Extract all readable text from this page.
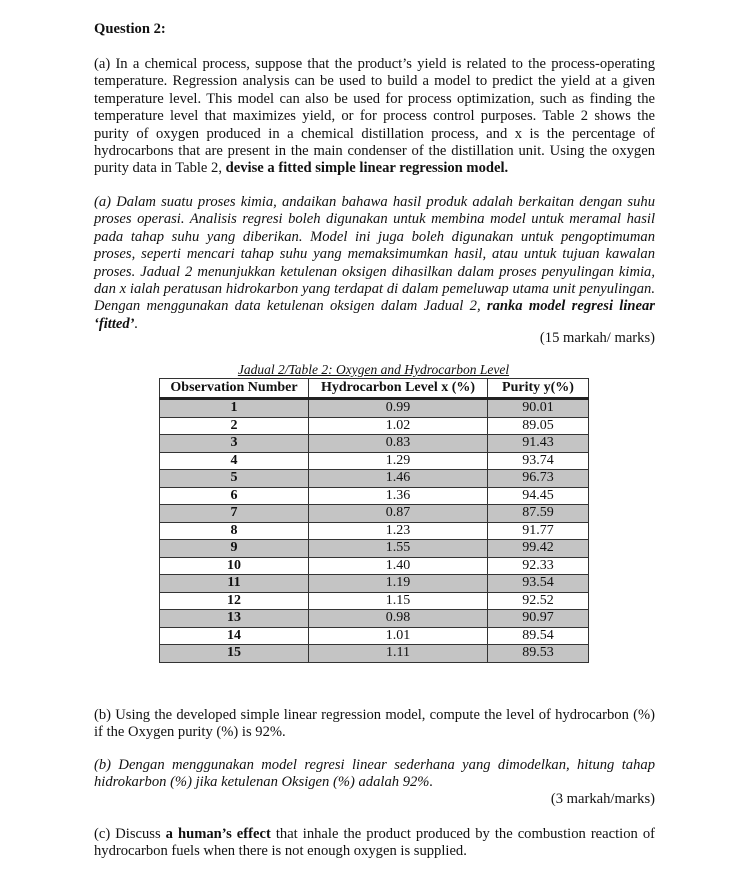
Question 2:
(a) In a chemical process, suppose that the product’s yield is related to the process-operating temperature. Regression analysis can be used to build a model to predict the yield at a given temperature level. This model can also be used for process optimization, such as finding the temperature level that maximizes yield, or for process control purposes. Table 2 shows the purity of oxygen produced in a chemical distillation process, and x is the percentage of hydrocarbons that are present in the main condenser of the distillation unit. Using the oxygen purity data in Table 2, devise a fitted simple linear regression model.
(a) Dalam suatu proses kimia, andaikan bahawa hasil produk adalah berkaitan dengan suhu proses operasi. Analisis regresi boleh digunakan untuk membina model untuk meramal hasil pada tahap suhu yang diberikan. Model ini juga boleh digunakan untuk pengoptimuman proses, seperti mencari tahap suhu yang memaksimumkan hasil, atau untuk tujuan kawalan proses. Jadual 2 menunjukkan ketulenan oksigen dihasilkan dalam proses penyulingan kimia, dan x ialah peratusan hidrokarbon yang terdapat di dalam pemeluwap utama unit penyulingan. Dengan menggunakan data ketulenan oksigen dalam Jadual 2, ranka model regresi linear ‘fitted’.
(15 markah/ marks)
Jadual 2/Table 2: Oxygen and Hydrocarbon Level
Observation Number	Hydrocarbon Level x (%)	Purity y(%)
1	0.99	90.01
2	1.02	89.05
3	0.83	91.43
4	1.29	93.74
5	1.46	96.73
6	1.36	94.45
7	0.87	87.59
8	1.23	91.77
9	1.55	99.42
10	1.40	92.33
11	1.19	93.54
12	1.15	92.52
13	0.98	90.97
14	1.01	89.54
15	1.11	89.53
(b) Using the developed simple linear regression model, compute the level of hydrocarbon (%) if the Oxygen purity (%) is 92%.
(b) Dengan menggunakan model regresi linear sederhana yang dimodelkan, hitung tahap hidrokarbon (%) jika ketulenan Oksigen (%) adalah 92%.
(3 markah/marks)
(c) Discuss a human’s effect that inhale the product produced by the combustion reaction of hydrocarbon fuels when there is not enough oxygen is supplied.
